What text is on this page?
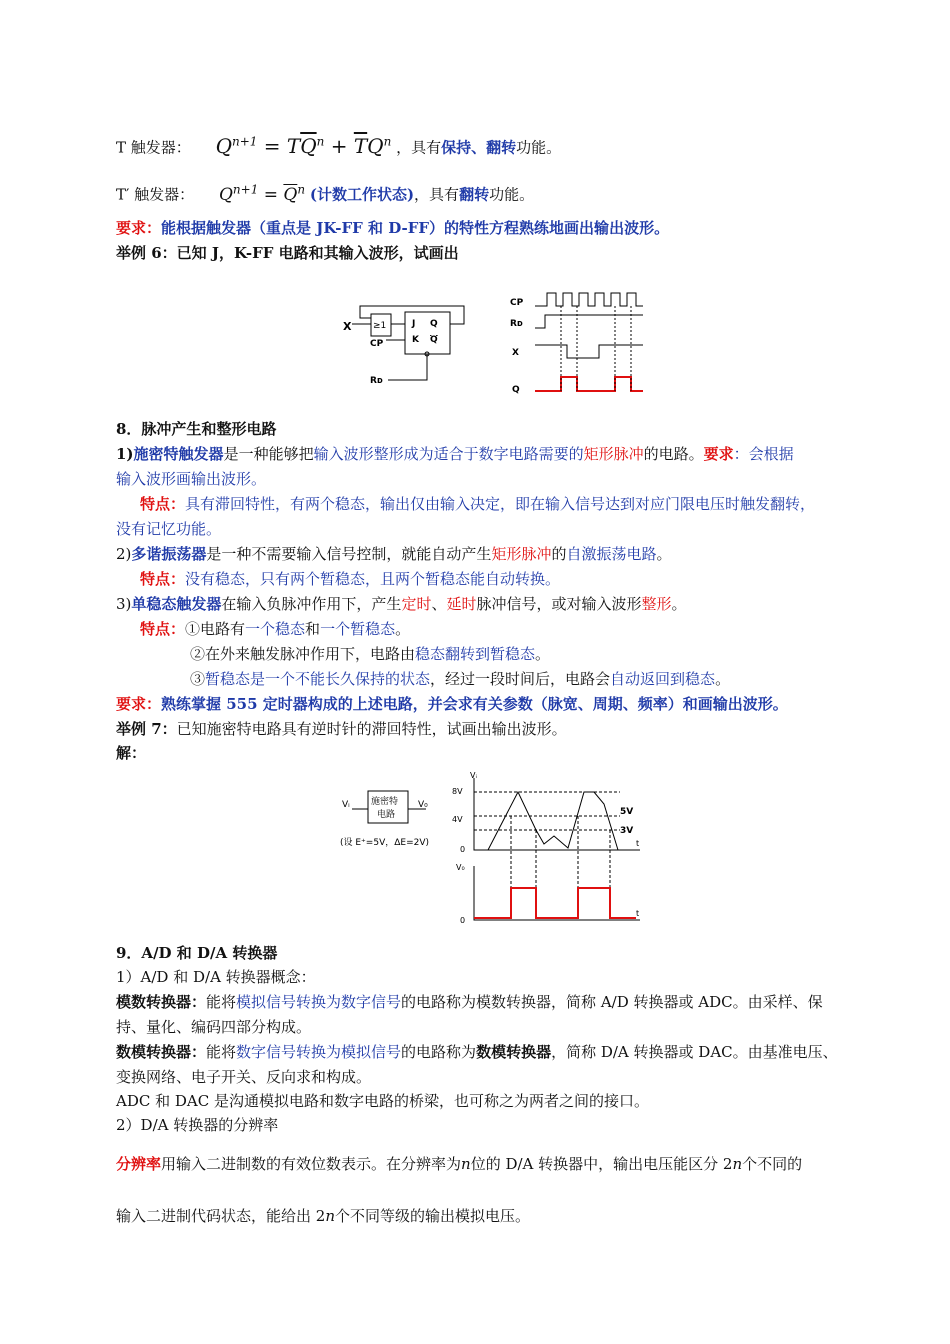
T 触发器： $Q^{n+1} = T\overline{Q}^n + \overline{T}Q^n$ ，具有保持、翻转功能。
T′ 触发器： $Q^{n+1} = \overline{Q}^n$ (计数工作状态)，具有翻转功能。
要求：能根据触发器（重点是 JK-FF 和 D-FF）的特性方程熟练地画出输出波形。
举例 6：已知 J，K-FF 电路和其输入波形，试画出
X
CP
Rᴅ
≥1	J
K
Q
Q
CP
Rᴅ
X
Q
8．脉冲产生和整形电路
1)施密特触发器是一种能够把输入波形整形成为适合于数字电路需要的矩形脉冲的电路。要求：会根据
输入波形画输出波形。
特点：具有滞回特性，有两个稳态，输出仅由输入决定，即在输入信号达到对应门限电压时触发翻转，
没有记忆功能。
2)多谐振荡器是一种不需要输入信号控制，就能自动产生矩形脉冲的自激振荡电路。
特点：没有稳态，只有两个暂稳态，且两个暂稳态能自动转换。
3)单稳态触发器在输入负脉冲作用下，产生定时、延时脉冲信号，或对输入波形整形。
特点：①电路有一个稳态和一个暂稳态。
②在外来触发脉冲作用下，电路由稳态翻转到暂稳态。
③暂稳态是一个不能长久保持的状态，经过一段时间后，电路会自动返回到稳态。
要求：熟练掌握 555 定时器构成的上述电路，并会求有关参数（脉宽、周期、频率）和画输出波形。
举例 7：已知施密特电路具有逆时针的滞回特性，试画出输出波形。
解：
Vᵢ	V₀
施密特
电路
(设 E⁺=5V，ΔE=2V)
Vᵢ
8V
4V
0
5V
3V
t
V₀
0
t
9．A/D 和 D/A 转换器
1）A/D 和 D/A 转换器概念：
模数转换器：能将模拟信号转换为数字信号的电路称为模数转换器，简称 A/D 转换器或 ADC。由采样、保
持、量化、编码四部分构成。
数模转换器：能将数字信号转换为模拟信号的电路称为数模转换器，简称 D/A 转换器或 DAC。由基准电压、
变换网络、电子开关、反向求和构成。
ADC 和 DAC 是沟通模拟电路和数字电路的桥梁，也可称之为两者之间的接口。
2）D/A 转换器的分辨率
分辨率用输入二进制数的有效位数表示。在分辨率为n位的 D/A 转换器中，输出电压能区分 2n个不同的
输入二进制代码状态，能给出 2n个不同等级的输出模拟电压。
